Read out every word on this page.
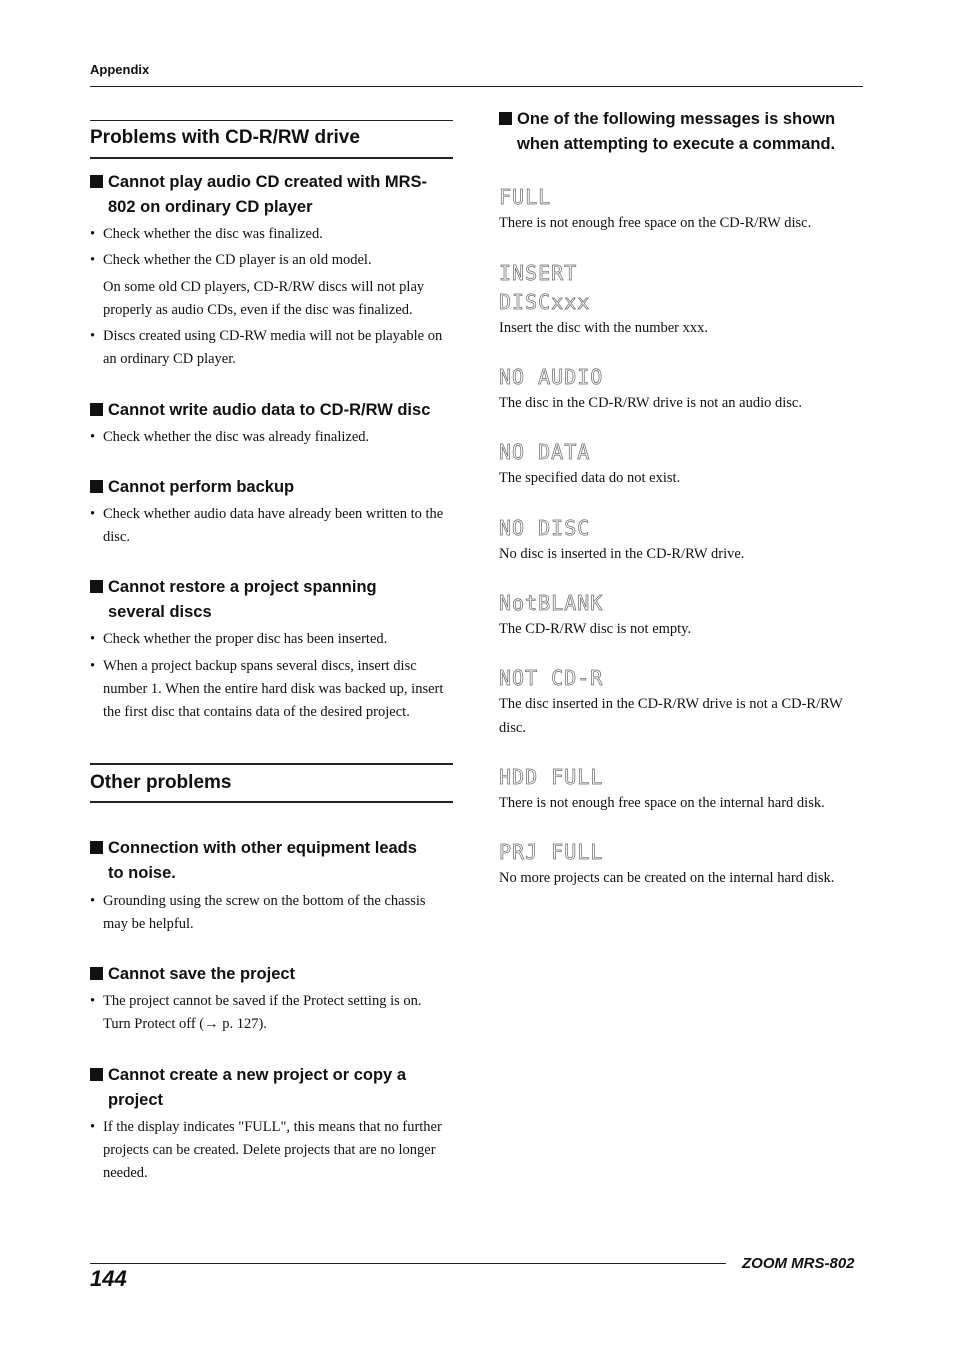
Appendix
Problems with CD-R/RW drive
Cannot play audio CD created with MRS-
802 on ordinary CD player
• Check whether the disc was finalized.
• Check whether the CD player is an old model.
On some old CD players, CD-R/RW discs will not play
properly as audio CDs, even if the disc was finalized.
• Discs created using CD-RW media will not be playable on
an ordinary CD player.
Cannot write audio data to CD-R/RW disc
• Check whether the disc was already finalized.
Cannot perform backup
• Check whether audio data have already been written to the
disc.
Cannot restore a project spanning
several discs
• Check whether the proper disc has been inserted.
• When a project backup spans several discs, insert disc
number 1. When the entire hard disk was backed up, insert
the first disc that contains data of the desired project.
Other problems
Connection with other equipment leads
to noise.
• Grounding using the screw on the bottom of the chassis
may be helpful.
Cannot save the project
• The project cannot be saved if the Protect setting is on.
Turn Protect off (→ p. 127).
Cannot create a new project or copy a
project
• If the display indicates "FULL", this means that no further
projects can be created. Delete projects that are no longer
needed.
One of the following messages is shown
when attempting to execute a command.
FULL
There is not enough free space on the CD-R/RW disc.
INSERT
DISCxxx
Insert the disc with the number xxx.
NO AUDIO
The disc in the CD-R/RW drive is not an audio disc.
NO DATA
The specified data do not exist.
NO DISC
No disc is inserted in the CD-R/RW drive.
NotBLANK
The CD-R/RW disc is not empty.
NOT CD-R
The disc inserted in the CD-R/RW drive is not a CD-R/RW
disc.
HDD FULL
There is not enough free space on the internal hard disk.
PRJ FULL
No more projects can be created on the internal hard disk.
144
ZOOM MRS-802
